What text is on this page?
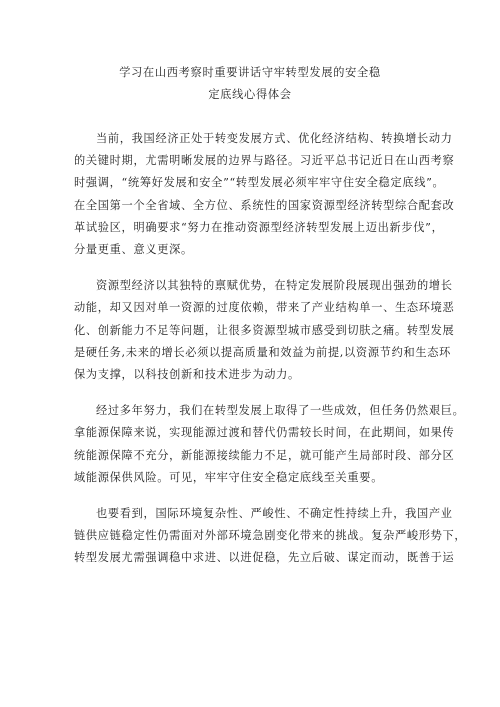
学习在山西考察时重要讲话守牢转型发展的安全稳
定底线心得体会
当前，我国经济正处于转变发展方式、优化经济结构、转换增长动力
的关键时期，尤需明晰发展的边界与路径。习近平总书记近日在山西考察
时强调，“统筹好发展和安全”“转型发展必须牢牢守住安全稳定底线”。
在全国第一个全省域、全方位、系统性的国家资源型经济转型综合配套改
革试验区，明确要求“努力在推动资源型经济转型发展上迈出新步伐”，
分量更重、意义更深。
资源型经济以其独特的禀赋优势，在特定发展阶段展现出强劲的增长
动能，却又因对单一资源的过度依赖，带来了产业结构单一、生态环境恶
化、创新能力不足等问题，让很多资源型城市感受到切肤之痛。转型发展
是硬任务,未来的增长必须以提高质量和效益为前提,以资源节约和生态环
保为支撑，以科技创新和技术进步为动力。
经过多年努力，我们在转型发展上取得了一些成效，但任务仍然艰巨。
拿能源保障来说，实现能源过渡和替代仍需较长时间，在此期间，如果传
统能源保障不充分，新能源接续能力不足，就可能产生局部时段、部分区
域能源保供风险。可见，牢牢守住安全稳定底线至关重要。
也要看到，国际环境复杂性、严峻性、不确定性持续上升，我国产业
链供应链稳定性仍需面对外部环境急剧变化带来的挑战。复杂严峻形势下，
转型发展尤需强调稳中求进、以进促稳，先立后破、谋定而动，既善于运
